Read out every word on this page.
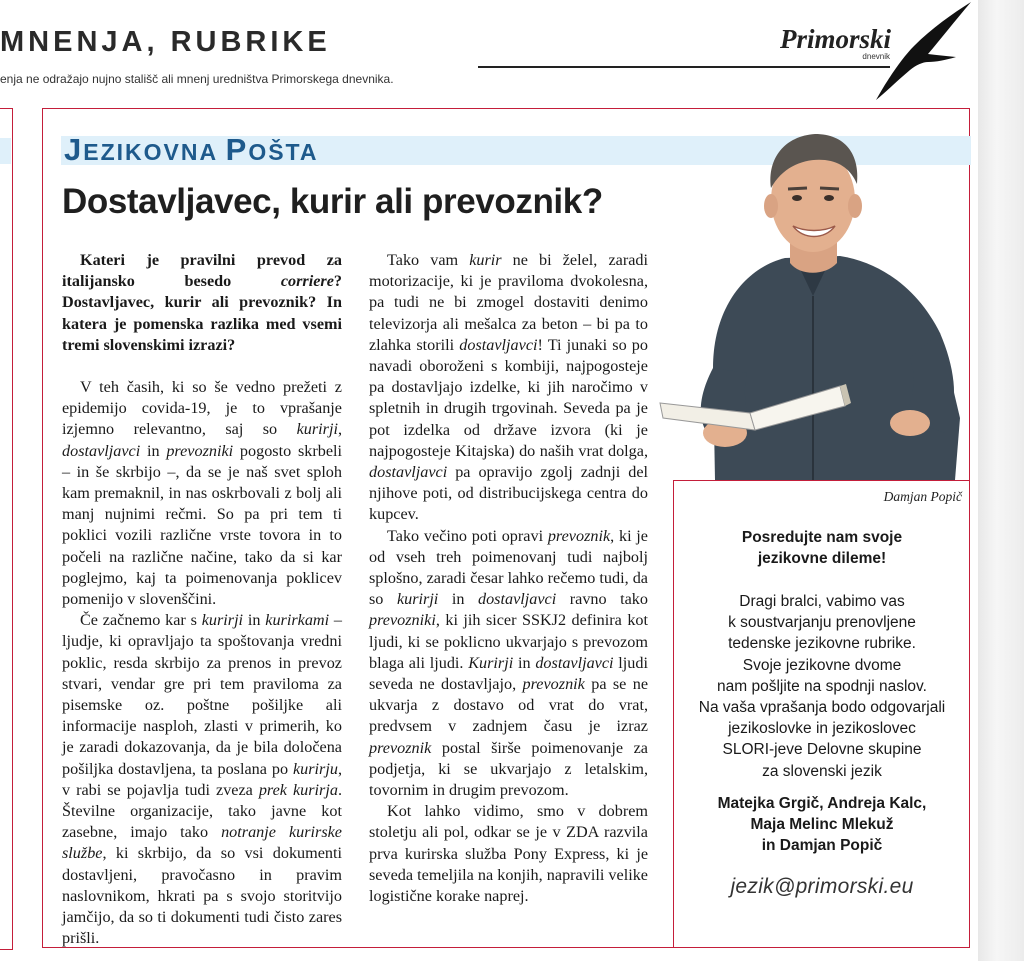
MNENJA, RUBRIKE
enja ne odražajo nujno stališč ali mnenj uredništva Primorskega dnevnika.
Primorski
dnevnik
JEZIKOVNA POŠTA
Dostavljavec, kurir ali prevoznik?

Kateri je pravilni prevod za italijansko besedo corriere? Dostavljavec, kurir ali prevoznik? In katera je pomenska razlika med vsemi tremi slovenskimi izrazi?

V teh časih, ki so še vedno prežeti z epidemijo covida-19, je to vprašanje izjemno relevantno, saj so kurirji, dostavljavci in prevozniki pogosto skrbeli – in še skrbijo –, da se je naš svet sploh kam premaknil, in nas oskrbovali z bolj ali manj nujnimi rečmi. So pa pri tem ti poklici vozili različne vrste tovora in to počeli na različne načine, tako da si kar poglejmo, kaj ta poimenovanja poklicev pomenijo v slovenščini.

Če začnemo kar s kurirji in kurirkami – ljudje, ki opravljajo ta spoštovanja vredni poklic, resda skrbijo za prenos in prevoz stvari, vendar gre pri tem praviloma za pisemske oz. poštne pošiljke ali informacije nasploh, zlasti v primerih, ko je zaradi dokazovanja, da je bila določena pošiljka dostavljena, ta poslana po kurirju, v rabi se pojavlja tudi zveza prek kurirja. Številne organizacije, tako javne kot zasebne, imajo tako notranje kurirske službe, ki skrbijo, da so vsi dokumenti dostavljeni, pravočasno in pravim naslovnikom, hkrati pa s svojo storitvijo jamčijo, da so ti dokumenti tudi čisto zares prišli.

Tako vam kurir ne bi želel, zaradi motorizacije, ki je praviloma dvokolesna, pa tudi ne bi zmogel dostaviti denimo televizorja ali mešalca za beton – bi pa to zlahka storili dostavljavci! Ti junaki so po navadi oboroženi s kombiji, najpogosteje pa dostavljajo izdelke, ki jih naročimo v spletnih in drugih trgovinah. Seveda pa je pot izdelka od države izvora (ki je najpogosteje Kitajska) do naših vrat dolga, dostavljavci pa opravijo zgolj zadnji del njihove poti, od distribucijskega centra do kupcev.

Tako večino poti opravi prevoznik, ki je od vseh treh poimenovanj tudi najbolj splošno, zaradi česar lahko rečemo tudi, da so kurirji in dostavljavci ravno tako prevozniki, ki jih sicer SSKJ2 definira kot ljudi, ki se poklicno ukvarjajo s prevozom blaga ali ljudi. Kurirji in dostavljavci ljudi seveda ne dostavljajo, prevoznik pa se ne ukvarja z dostavo od vrat do vrat, predvsem v zadnjem času je izraz prevoznik postal širše poimenovanje za podjetja, ki se ukvarjajo z letalskim, tovornim in drugim prevozom.

Kot lahko vidimo, smo v dobrem stoletju ali pol, odkar se je v ZDA razvila prva kurirska služba Pony Express, ki je seveda temeljila na konjih, napravili velike logistične korake naprej.

Damjan Popič
Posredujte nam svoje
jezikovne dileme!
Dragi bralci, vabimo vas
k soustvarjanju prenovljene
tedenske jezikovne rubrike.
Svoje jezikovne dvome
nam pošljite na spodnji naslov.
Na vaša vprašanja bodo odgovarjali
jezikoslovke in jezikoslovec
SLORI-jeve Delovne skupine
za slovenski jezik
Matejka Grgič, Andreja Kalc,
Maja Melinc Mlekuž
in Damjan Popič
jezik@primorski.eu
